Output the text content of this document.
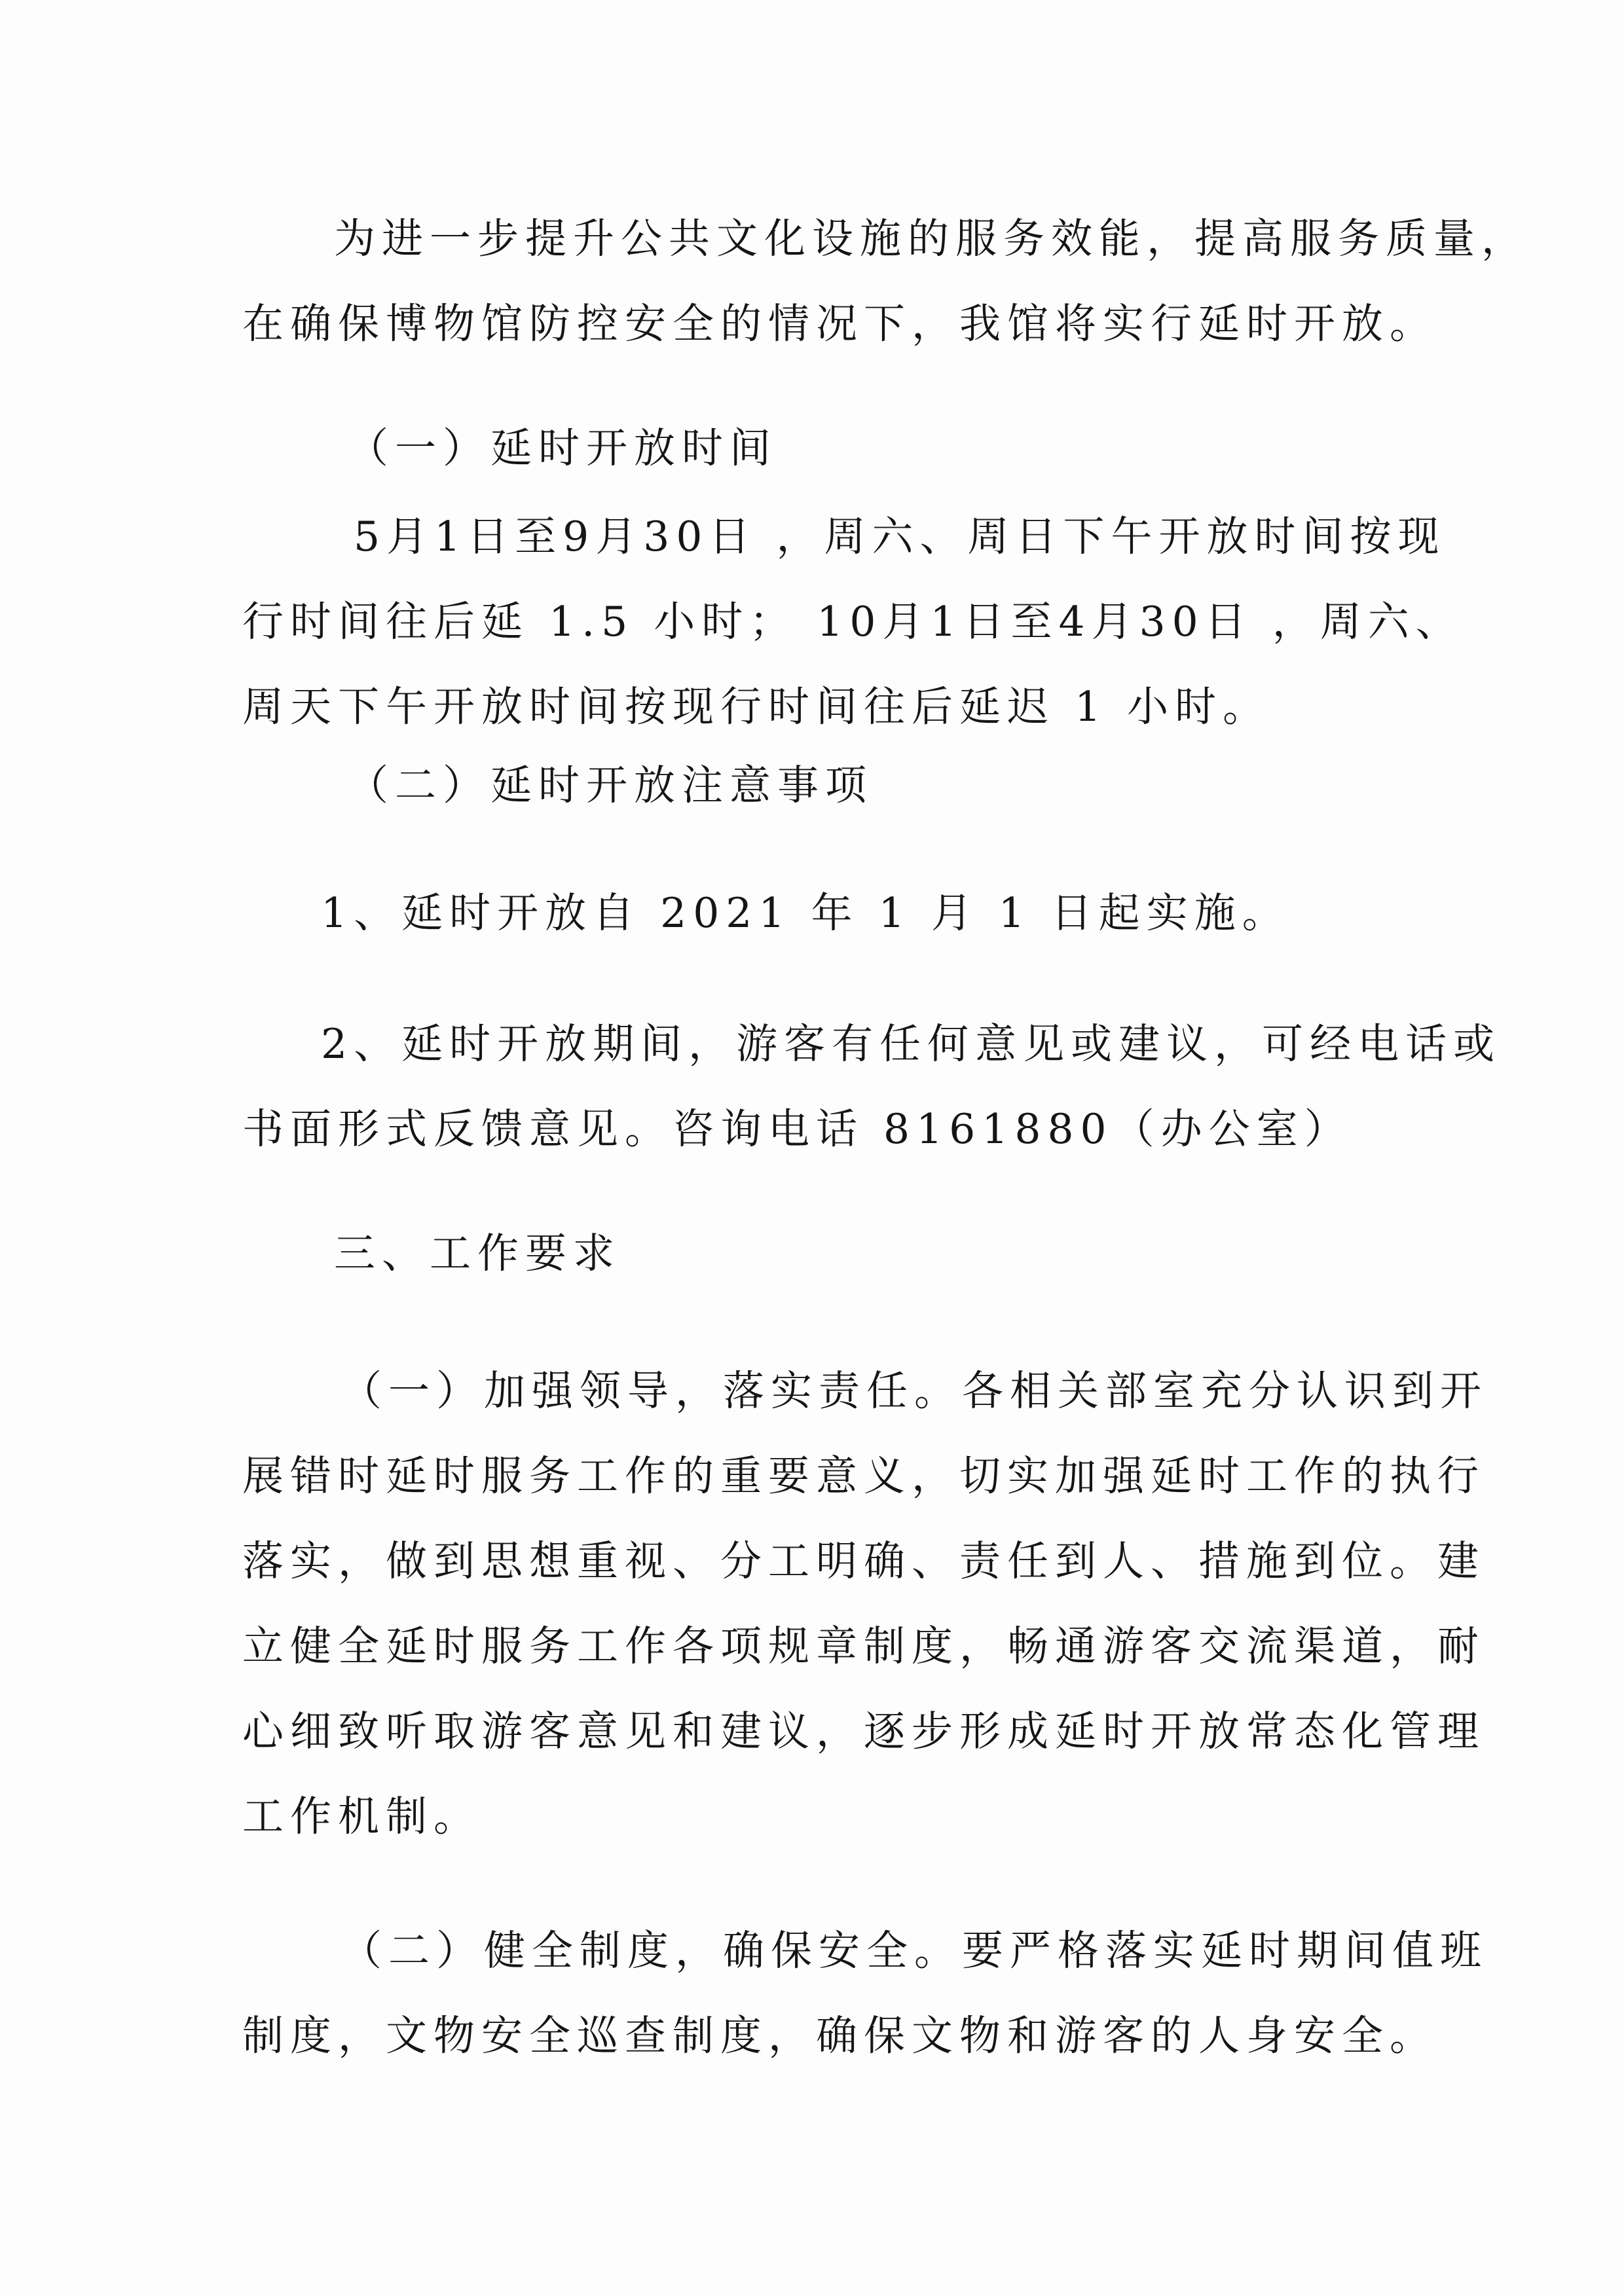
为进一步提升公共文化设施的服务效能，提高服务质量，
在确保博物馆防控安全的情况下，我馆将实行延时开放。

（一）延时开放时间

5月1日至9月30日 ，周六、周日下午开放时间按现
行时间往后延 1.5 小时； 10月1日至4月30日 ，周六、
周天下午开放时间按现行时间往后延迟 1 小时。

（二）延时开放注意事项

1、延时开放自 2021 年 1 月 1 日起实施。

2、延时开放期间，游客有任何意见或建议，可经电话或
书面形式反馈意见。咨询电话 8161880（办公室）

三、工作要求

（一）加强领导，落实责任。各相关部室充分认识到开
展错时延时服务工作的重要意义，切实加强延时工作的执行
落实，做到思想重视、分工明确、责任到人、措施到位。建
立健全延时服务工作各项规章制度，畅通游客交流渠道，耐
心细致听取游客意见和建议，逐步形成延时开放常态化管理
工作机制。

（二）健全制度，确保安全。要严格落实延时期间值班
制度，文物安全巡查制度，确保文物和游客的人身安全。
